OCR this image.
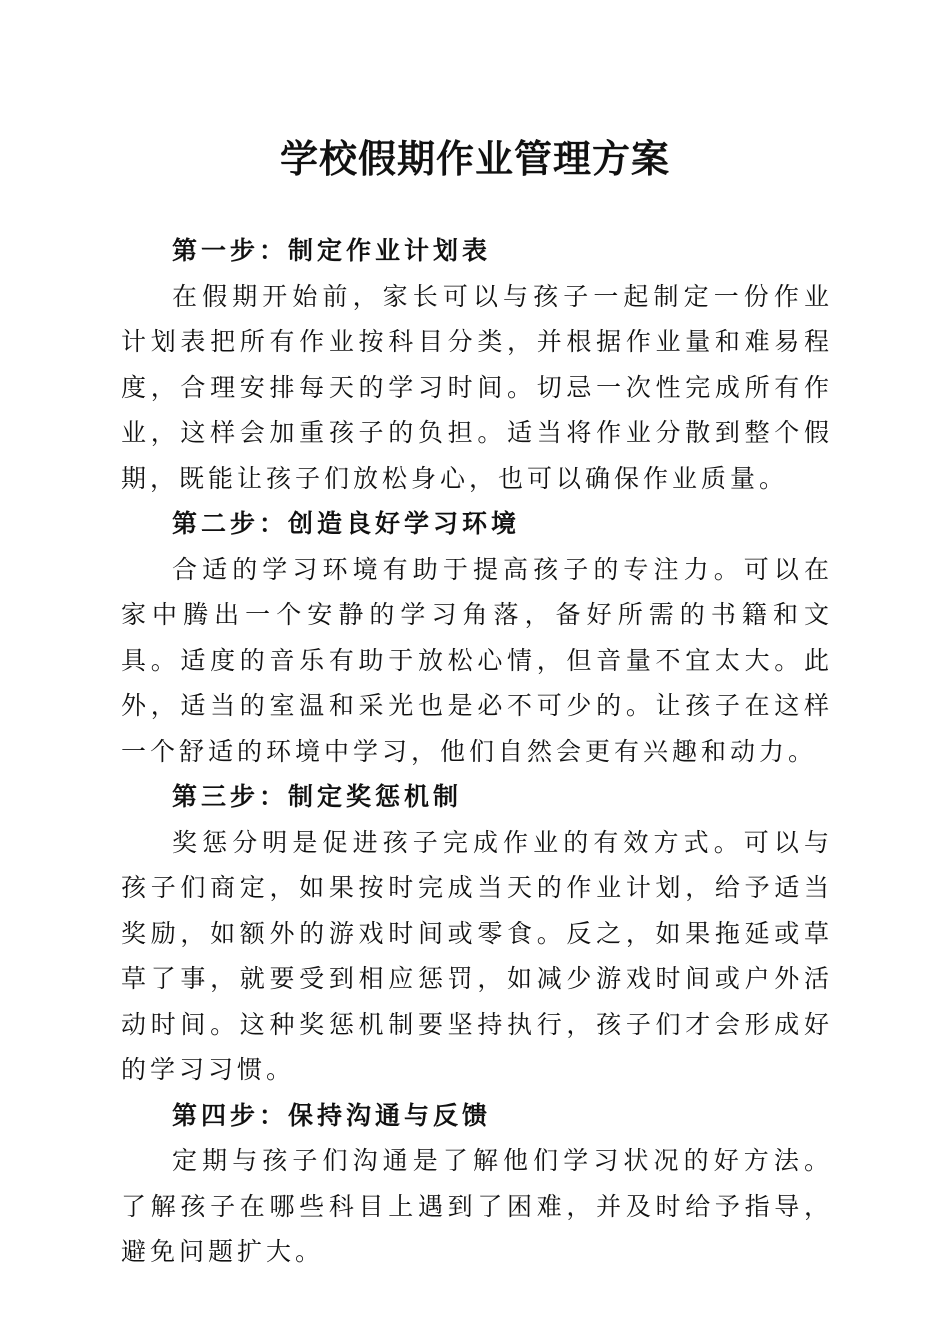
学校假期作业管理方案

第一步：制定作业计划表

在假期开始前，家长可以与孩子一起制定一份作业计划表把所有作业按科目分类，并根据作业量和难易程度，合理安排每天的学习时间。切忌一次性完成所有作业，这样会加重孩子的负担。适当将作业分散到整个假期，既能让孩子们放松身心，也可以确保作业质量。

第二步：创造良好学习环境

合适的学习环境有助于提高孩子的专注力。可以在家中腾出一个安静的学习角落，备好所需的书籍和文具。适度的音乐有助于放松心情，但音量不宜太大。此外，适当的室温和采光也是必不可少的。让孩子在这样一个舒适的环境中学习，他们自然会更有兴趣和动力。

第三步：制定奖惩机制

奖惩分明是促进孩子完成作业的有效方式。可以与孩子们商定，如果按时完成当天的作业计划，给予适当奖励，如额外的游戏时间或零食。反之，如果拖延或草草了事，就要受到相应惩罚，如减少游戏时间或户外活动时间。这种奖惩机制要坚持执行，孩子们才会形成好的学习习惯。

第四步：保持沟通与反馈

定期与孩子们沟通是了解他们学习状况的好方法。了解孩子在哪些科目上遇到了困难，并及时给予指导，避免问题扩大。
